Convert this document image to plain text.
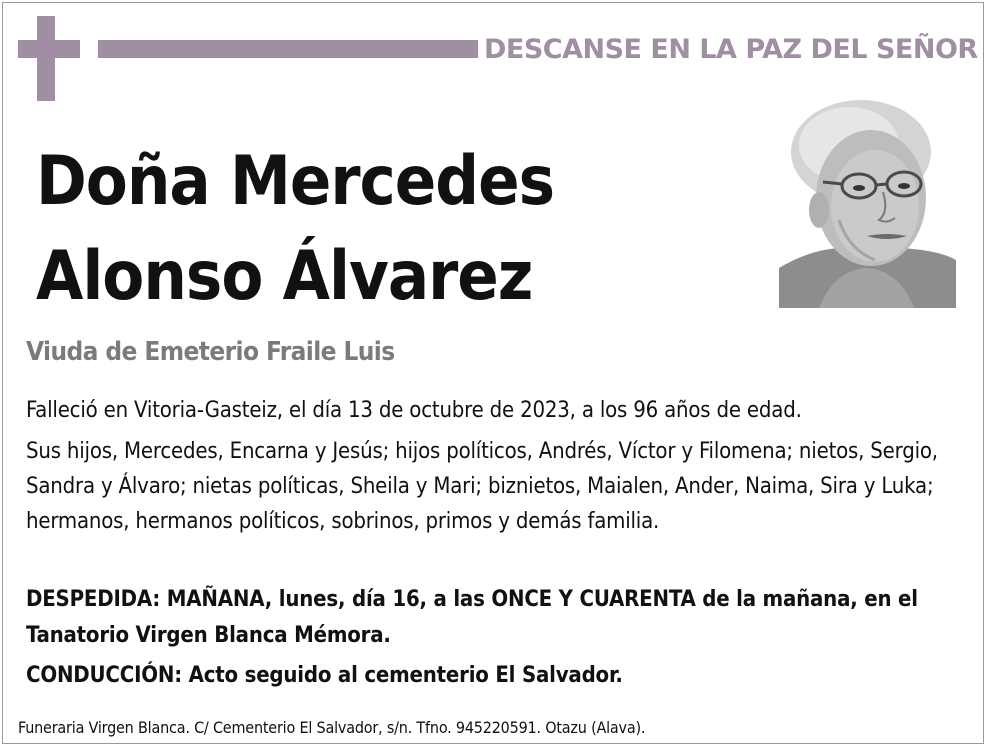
DESCANSE EN LA PAZ DEL SEÑOR
Doña Mercedes
Alonso Álvarez
Viuda de Emeterio Fraile Luis
Falleció en Vitoria-Gasteiz, el día 13 de octubre de 2023, a los 96 años de edad.
Sus hijos, Mercedes, Encarna y Jesús; hijos políticos, Andrés, Víctor y Filomena; nietos, Sergio, Sandra y Álvaro; nietas políticas, Sheila y Mari; biznietos, Maialen, Ander, Naima, Sira y Luka; hermanos, hermanos políticos, sobrinos, primos y demás familia.
DESPEDIDA: MAÑANA, lunes, día 16, a las ONCE Y CUARENTA de la mañana, en el Tanatorio Virgen Blanca Mémora.
CONDUCCIÓN: Acto seguido al cementerio El Salvador.
Funeraria Virgen Blanca. C/ Cementerio El Salvador, s/n. Tfno. 945220591. Otazu (Alava).
